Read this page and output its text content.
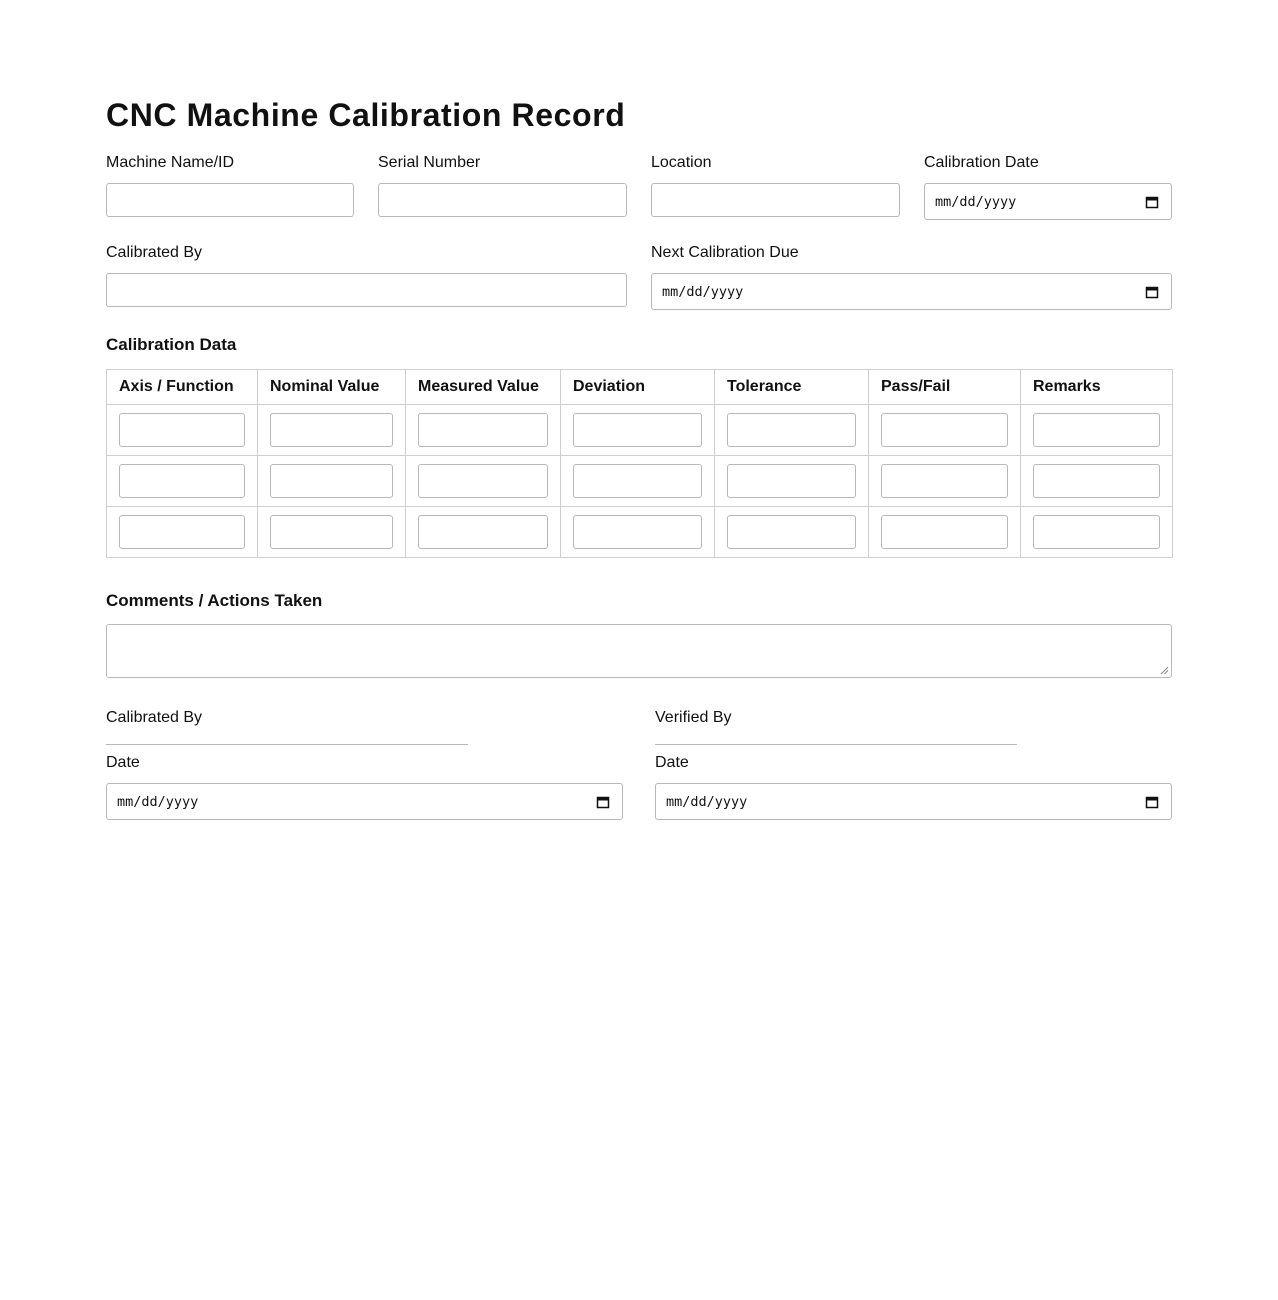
CNC Machine Calibration Record
Machine Name/ID	Serial Number	Location	Calibration Date
mm/dd/yyyy
Calibrated By	Next Calibration Due
mm/dd/yyyy
Calibration Data
Axis / Function	Nominal Value	Measured Value	Deviation	Tolerance	Pass/Fail	Remarks

Comments / Actions Taken
Calibrated By
Date
mm/dd/yyyy
Verified By
Date
mm/dd/yyyy
